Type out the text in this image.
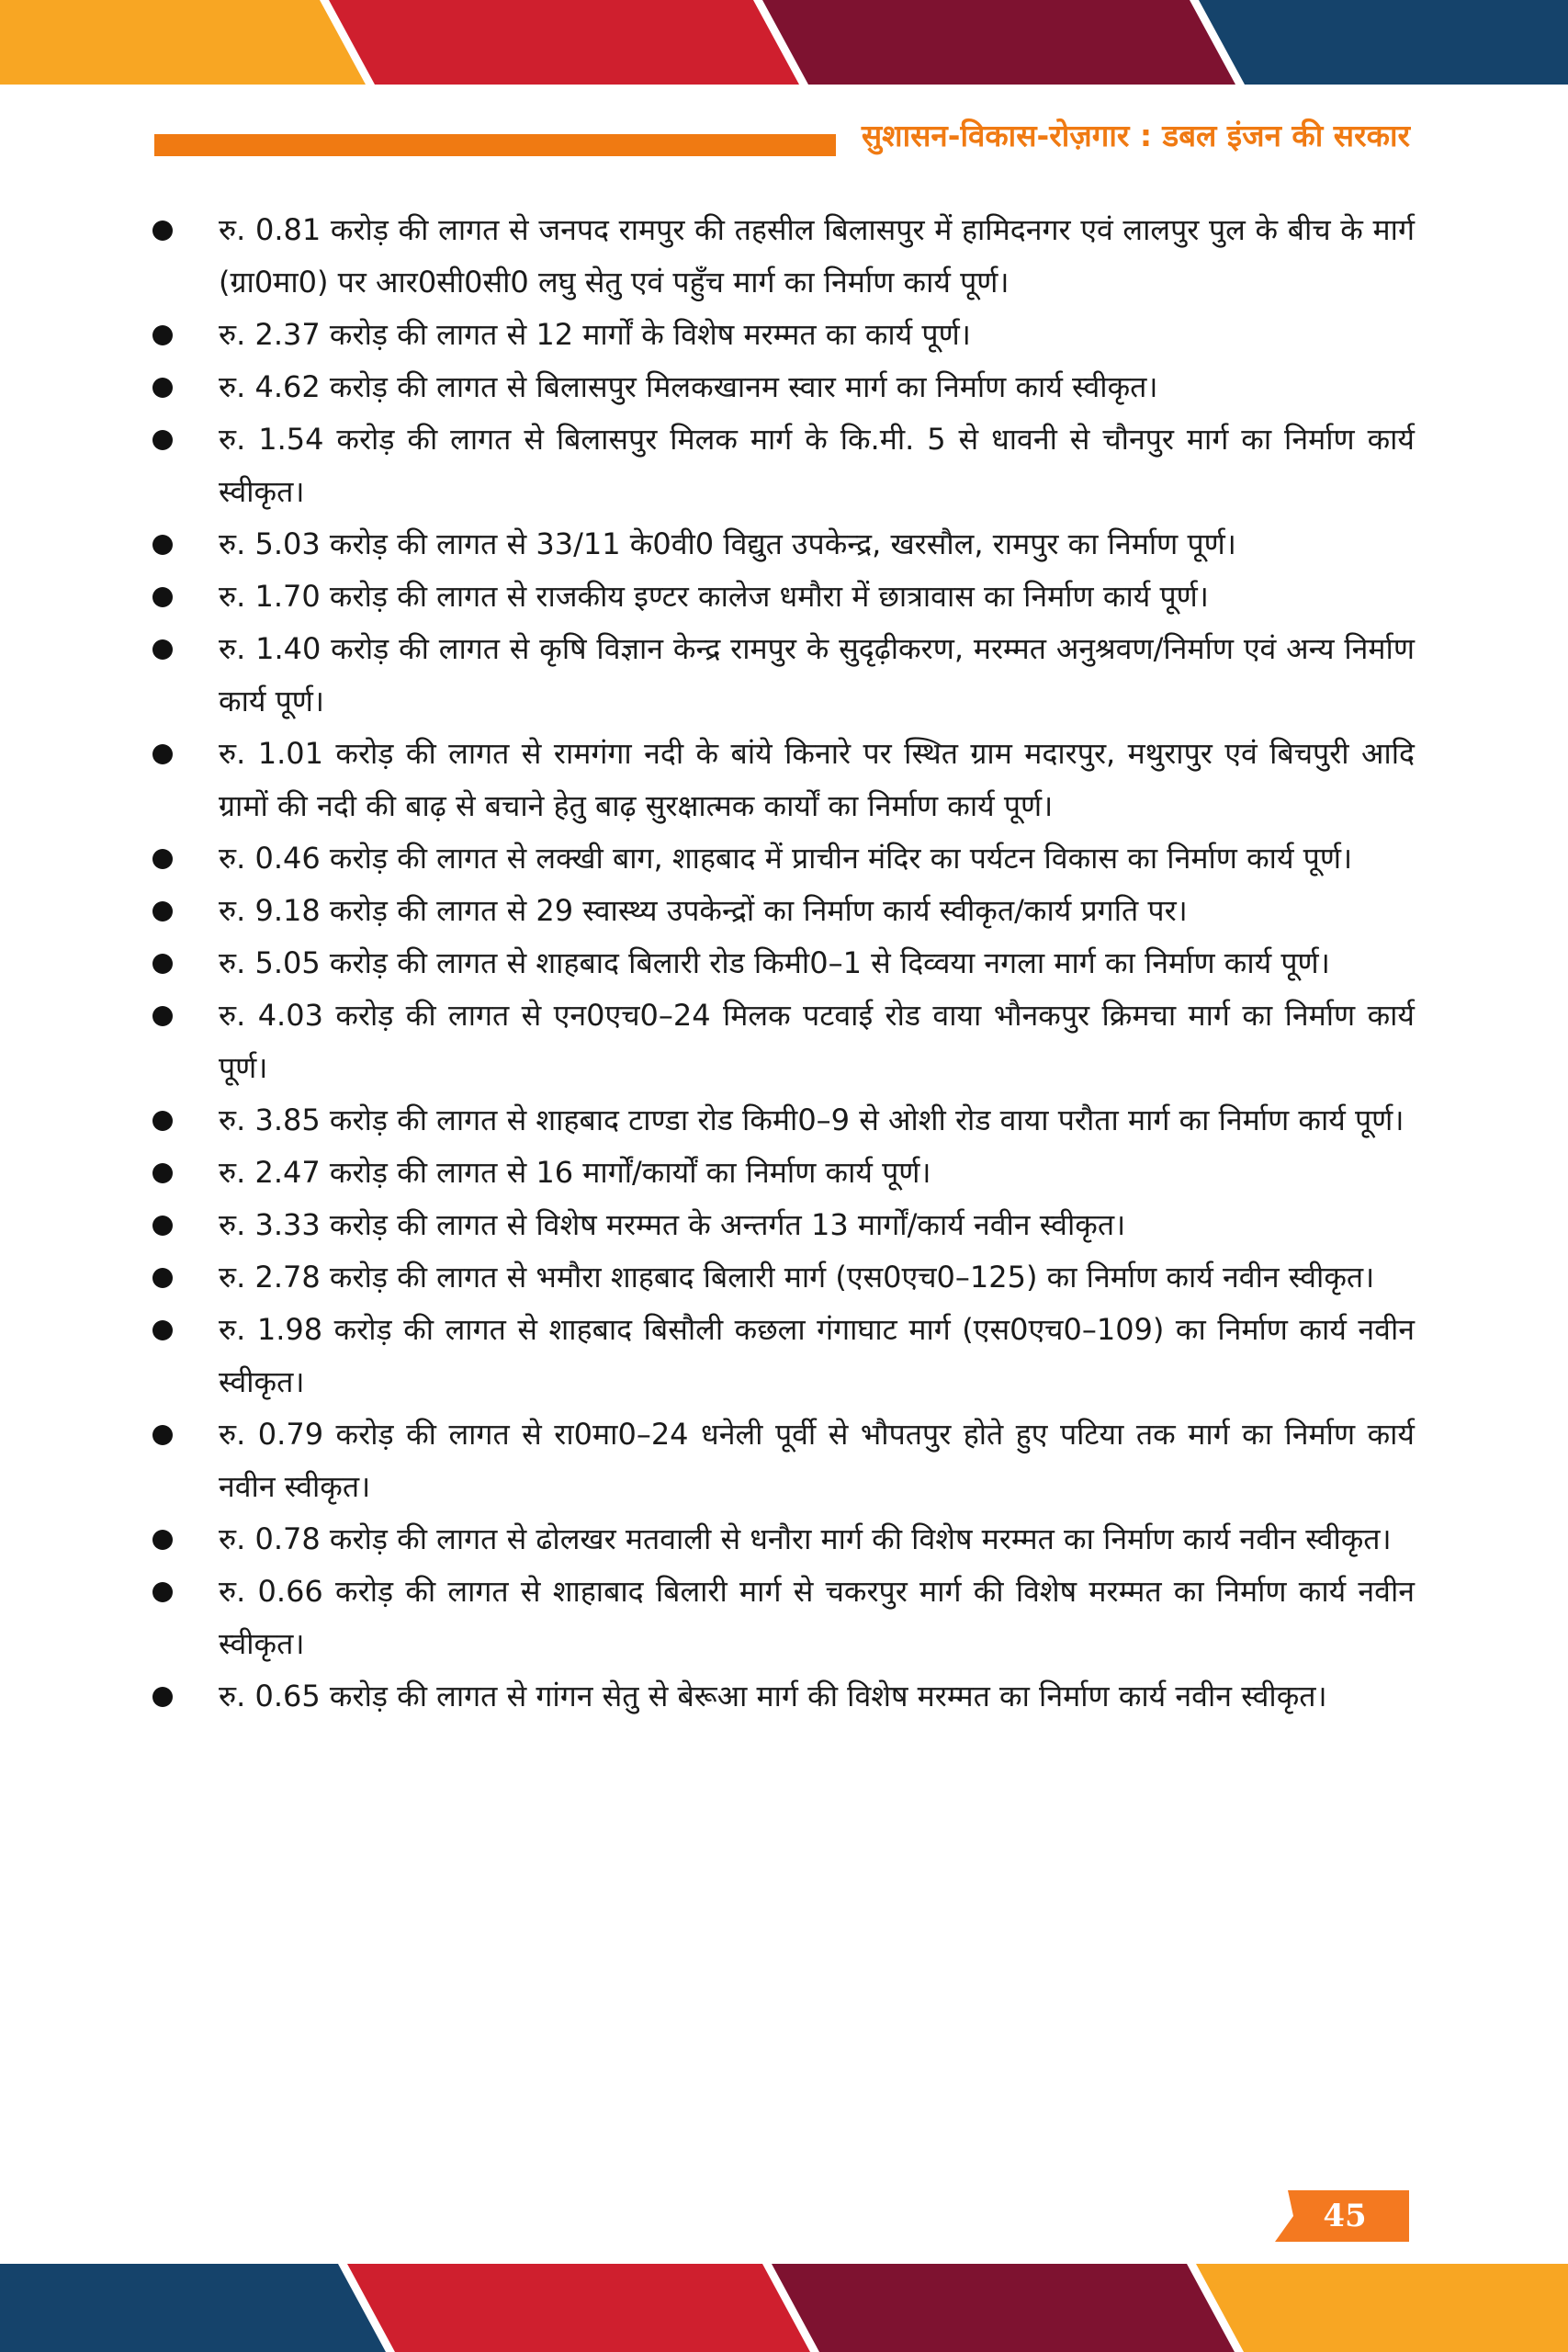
सुशासन-विकास-रोज़गार : डबल इंजन की सरकार
रु. 0.81 करोड़ की लागत से जनपद रामपुर की तहसील बिलासपुर में हामिदनगर एवं लालपुर पुल के बीच के मार्ग (ग्रा0मा0) पर आर0सी0सी0 लघु सेतु एवं पहुँच मार्ग का निर्माण कार्य पूर्ण।
रु. 2.37 करोड़ की लागत से 12 मार्गों के विशेष मरम्मत का कार्य पूर्ण।
रु. 4.62 करोड़ की लागत से बिलासपुर मिलकखानम स्वार मार्ग का निर्माण कार्य स्वीकृत।
रु. 1.54 करोड़ की लागत से बिलासपुर मिलक मार्ग के कि.मी. 5 से धावनी से चौनपुर मार्ग का निर्माण कार्य स्वीकृत।
रु. 5.03 करोड़ की लागत से 33/11 के0वी0 विद्युत उपकेन्द्र, खरसौल, रामपुर का निर्माण पूर्ण।
रु. 1.70 करोड़ की लागत से राजकीय इण्टर कालेज धमौरा में छात्रावास का निर्माण कार्य पूर्ण।
रु. 1.40 करोड़ की लागत से कृषि विज्ञान केन्द्र रामपुर के सुदृढ़ीकरण, मरम्मत अनुश्रवण/निर्माण एवं अन्य निर्माण कार्य पूर्ण।
रु. 1.01 करोड़ की लागत से रामगंगा नदी के बांये किनारे पर स्थित ग्राम मदारपुर, मथुरापुर एवं बिचपुरी आदि ग्रामों की नदी की बाढ़ से बचाने हेतु बाढ़ सुरक्षात्मक कार्यों का निर्माण कार्य पूर्ण।
रु. 0.46 करोड़ की लागत से लक्खी बाग, शाहबाद में प्राचीन मंदिर का पर्यटन विकास का निर्माण कार्य पूर्ण।
रु. 9.18 करोड़ की लागत से 29 स्वास्थ्य उपकेन्द्रों का निर्माण कार्य स्वीकृत/कार्य प्रगति पर।
रु. 5.05 करोड़ की लागत से शाहबाद बिलारी रोड किमी0–1 से दिव्वया नगला मार्ग का निर्माण कार्य पूर्ण।
रु. 4.03 करोड़ की लागत से एन0एच0–24 मिलक पटवाई रोड वाया भौनकपुर क्रिमचा मार्ग का निर्माण कार्य पूर्ण।
रु. 3.85 करोड़ की लागत से शाहबाद टाण्डा रोड किमी0–9 से ओशी रोड वाया परौता मार्ग का निर्माण कार्य पूर्ण।
रु. 2.47 करोड़ की लागत से 16 मार्गों/कार्यों का निर्माण कार्य पूर्ण।
रु. 3.33 करोड़ की लागत से विशेष मरम्मत के अन्तर्गत 13 मार्गों/कार्य नवीन स्वीकृत।
रु. 2.78 करोड़ की लागत से भमौरा शाहबाद बिलारी मार्ग (एस0एच0–125) का निर्माण कार्य नवीन स्वीकृत।
रु. 1.98 करोड़ की लागत से शाहबाद बिसौली कछला गंगाघाट मार्ग (एस0एच0–109) का निर्माण कार्य नवीन स्वीकृत।
रु. 0.79 करोड़ की लागत से रा0मा0–24 धनेली पूर्वी से भौपतपुर होते हुए पटिया तक मार्ग का निर्माण कार्य नवीन स्वीकृत।
रु. 0.78 करोड़ की लागत से ढोलखर मतवाली से धनौरा मार्ग की विशेष मरम्मत का निर्माण कार्य नवीन स्वीकृत।
रु. 0.66 करोड़ की लागत से शाहाबाद बिलारी मार्ग से चकरपुर मार्ग की विशेष मरम्मत का निर्माण कार्य नवीन स्वीकृत।
रु. 0.65 करोड़ की लागत से गांगन सेतु से बेरूआ मार्ग की विशेष मरम्मत का निर्माण कार्य नवीन स्वीकृत।
45
